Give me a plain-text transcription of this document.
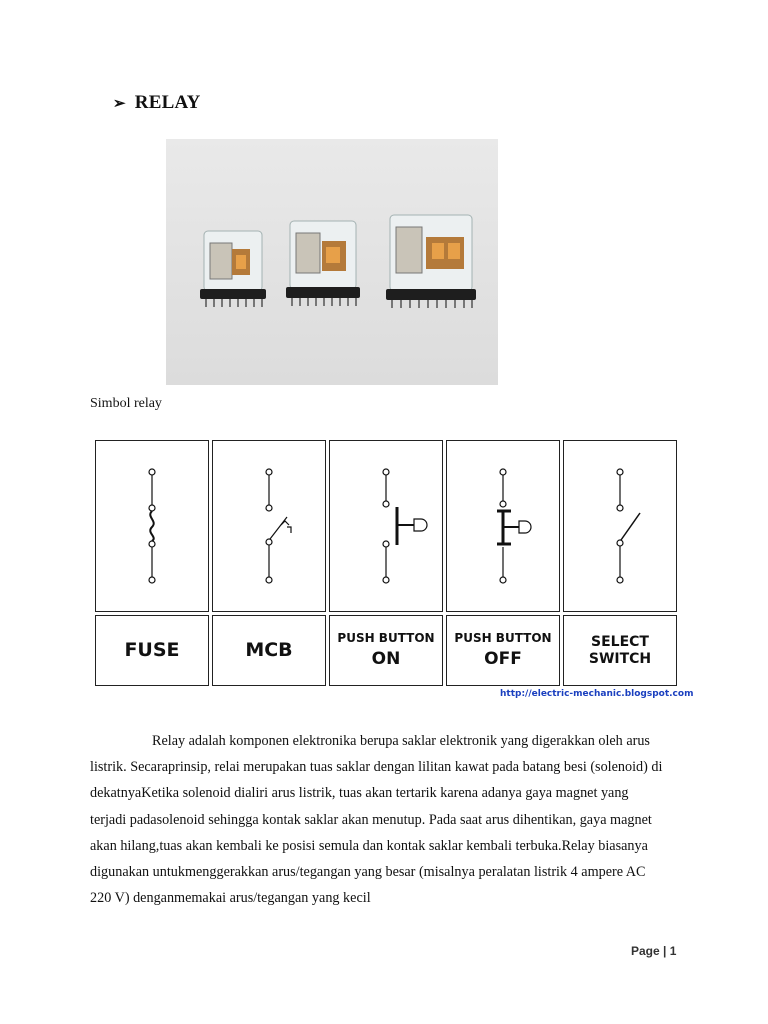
➢ RELAY
Simbol relay
FUSE	MCB
PUSH BUTTON
ON
PUSH BUTTON
OFF
SELECT
SWITCH
http://electric-mechanic.blogspot.com

Relay adalah komponen elektronika berupa saklar elektronik yang digerakkan oleh arus listrik. Secaraprinsip, relai merupakan tuas saklar dengan lilitan kawat pada batang besi (solenoid) di dekatnyaKetika solenoid dialiri arus listrik, tuas akan tertarik karena adanya gaya magnet yang terjadi padasolenoid sehingga kontak saklar akan menutup. Pada saat arus dihentikan, gaya magnet akan hilang,tuas akan kembali ke posisi semula dan kontak saklar kembali terbuka.Relay biasanya digunakan untukmenggerakkan arus/tegangan yang besar (misalnya peralatan listrik 4 ampere AC 220 V) denganmemakai arus/tegangan yang kecil

Page | 1
